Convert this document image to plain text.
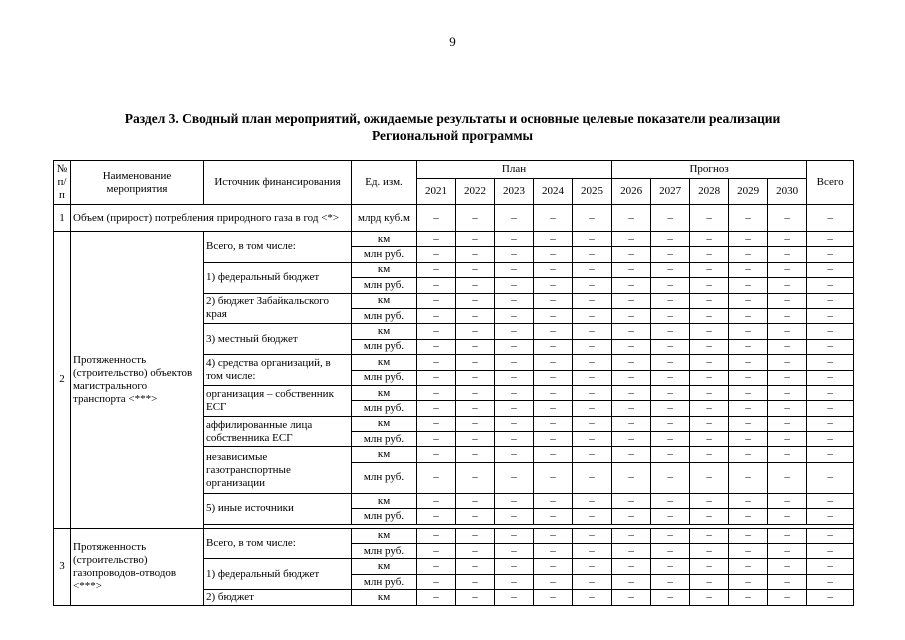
9
Раздел 3. Сводный план мероприятий, ожидаемые результаты и основные целевые показатели реализации
Региональной программы
№ п/ п	Наименование мероприятия	Источник финансирования	Ед. изм.	План					Прогноз					Всего
				2021	2022	2023	2024	2025	2026	2027	2028	2029	2030	
1	Объем (прирост) потребления природного газа в год <*>		млрд куб.м	–	–	–	–	–	–	–	–	–	–	–
2	Протяженность (строительство) объектов магистрального транспорта <***>	Всего, в том числе:	км	–	–	–	–	–	–	–	–	–	–	–
			млн руб.	–	–	–	–	–	–	–	–	–	–	–
		1) федеральный бюджет	км	–	–	–	–	–	–	–	–	–	–	–
			млн руб.	–	–	–	–	–	–	–	–	–	–	–
		2) бюджет Забайкальского края	км	–	–	–	–	–	–	–	–	–	–	–
			млн руб.	–	–	–	–	–	–	–	–	–	–	–
		3) местный бюджет	км	–	–	–	–	–	–	–	–	–	–	–
			млн руб.	–	–	–	–	–	–	–	–	–	–	–
		4) средства организаций, в том числе:	км	–	–	–	–	–	–	–	–	–	–	–
			млн руб.	–	–	–	–	–	–	–	–	–	–	–
		организация – собственник ЕСГ	км	–	–	–	–	–	–	–	–	–	–	–
			млн руб.	–	–	–	–	–	–	–	–	–	–	–
		аффилированные лица собственника ЕСГ	км	–	–	–	–	–	–	–	–	–	–	–
			млн руб.	–	–	–	–	–	–	–	–	–	–	–
		независимые газотранспортные организации	км	–	–	–	–	–	–	–	–	–	–	–
			млн руб.	–	–	–	–	–	–	–	–	–	–	–
		5) иные источники	км	–	–	–	–	–	–	–	–	–	–	–
			млн руб.	–	–	–	–	–	–	–	–	–	–	–

3	Протяженность (строительство) газопроводов-отводов <***>	Всего, в том числе:	км	–	–	–	–	–	–	–	–	–	–	–
			млн руб.	–	–	–	–	–	–	–	–	–	–	–
		1) федеральный бюджет	км	–	–	–	–	–	–	–	–	–	–	–
			млн руб.	–	–	–	–	–	–	–	–	–	–	–
		2) бюджет	км	–	–	–	–	–	–	–	–	–	–	–
